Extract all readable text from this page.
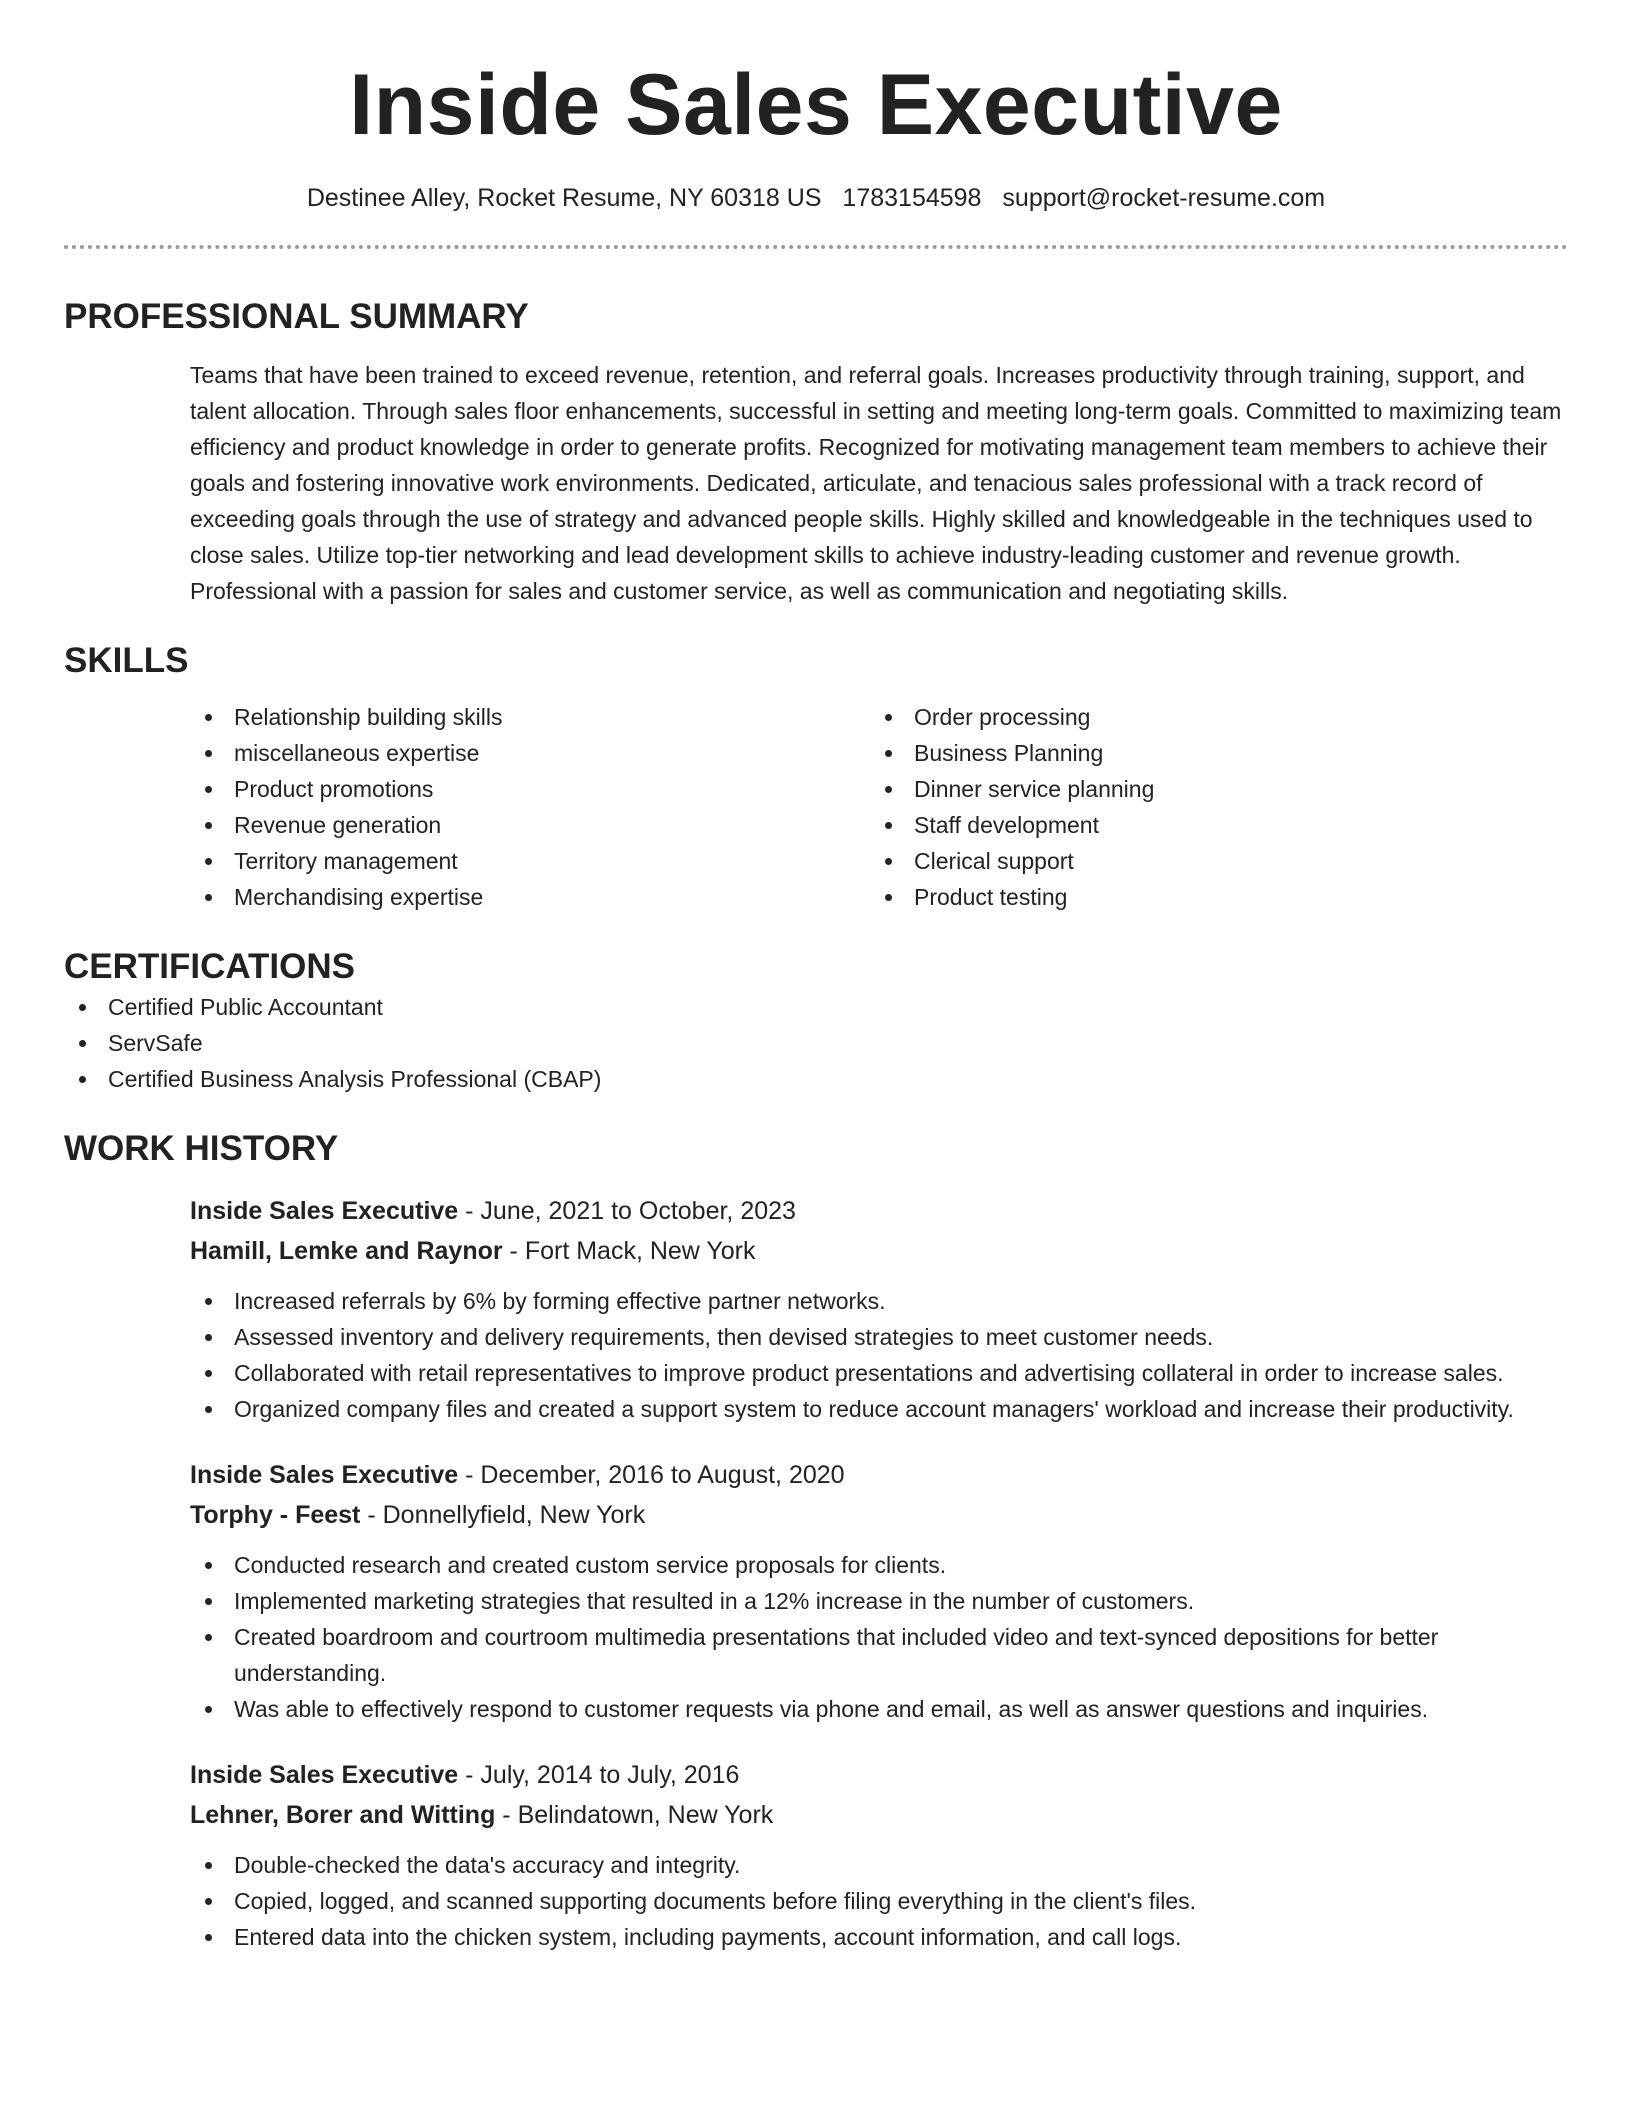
Inside Sales Executive
Destinee Alley, Rocket Resume, NY 60318 US 1783154598 support@rocket-resume.com
PROFESSIONAL SUMMARY

Teams that have been trained to exceed revenue, retention, and referral goals. Increases productivity through training, support, and talent allocation. Through sales floor enhancements, successful in setting and meeting long-term goals. Committed to maximizing team efficiency and product knowledge in order to generate profits. Recognized for motivating management team members to achieve their goals and fostering innovative work environments. Dedicated, articulate, and tenacious sales professional with a track record of exceeding goals through the use of strategy and advanced people skills. Highly skilled and knowledgeable in the techniques used to close sales. Utilize top-tier networking and lead development skills to achieve industry-leading customer and revenue growth. Professional with a passion for sales and customer service, as well as communication and negotiating skills.

SKILLS
Relationship building skills
miscellaneous expertise
Product promotions
Revenue generation
Territory management
Merchandising expertise
Order processing
Business Planning
Dinner service planning
Staff development
Clerical support
Product testing
CERTIFICATIONS
Certified Public Accountant
ServSafe
Certified Business Analysis Professional (CBAP)
WORK HISTORY
Inside Sales Executive - June, 2021 to October, 2023
Hamill, Lemke and Raynor - Fort Mack, New York
Increased referrals by 6% by forming effective partner networks.
Assessed inventory and delivery requirements, then devised strategies to meet customer needs.
Collaborated with retail representatives to improve product presentations and advertising collateral in order to increase sales.
Organized company files and created a support system to reduce account managers' workload and increase their productivity.
Inside Sales Executive - December, 2016 to August, 2020
Torphy - Feest - Donnellyfield, New York
Conducted research and created custom service proposals for clients.
Implemented marketing strategies that resulted in a 12% increase in the number of customers.
Created boardroom and courtroom multimedia presentations that included video and text-synced depositions for better understanding.
Was able to effectively respond to customer requests via phone and email, as well as answer questions and inquiries.
Inside Sales Executive - July, 2014 to July, 2016
Lehner, Borer and Witting - Belindatown, New York
Double-checked the data's accuracy and integrity.
Copied, logged, and scanned supporting documents before filing everything in the client's files.
Entered data into the chicken system, including payments, account information, and call logs.
